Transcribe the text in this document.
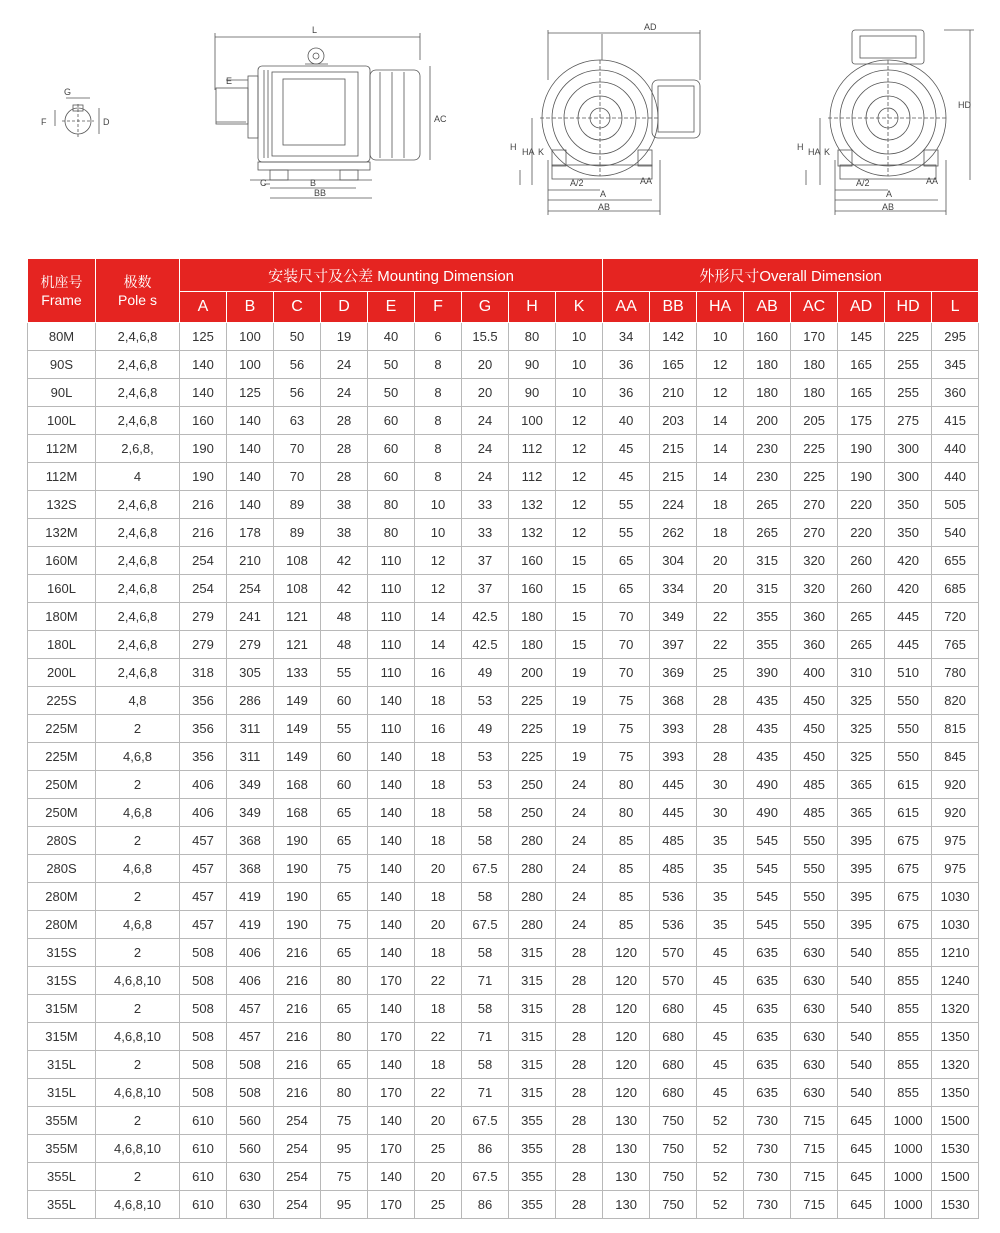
G
F	D
L
E
AC
C	B
BB
AD
H HA K
A/2
A
AB
AA
HD
H HA K
A/2
A
AB
AA
机座号
Frame	极数
Pole s	安装尺寸及公差 Mounting Dimension									外形尺寸Overall Dimension							
		A	B	C	D	E	F	G	H	K	AA	BB	HA	AB	AC	AD	HD	L
80M	2,4,6,8	125	100	50	19	40	6	15.5	80	10	34	142	10	160	170	145	225	295
90S	2,4,6,8	140	100	56	24	50	8	20	90	10	36	165	12	180	180	165	255	345
90L	2,4,6,8	140	125	56	24	50	8	20	90	10	36	210	12	180	180	165	255	360
100L	2,4,6,8	160	140	63	28	60	8	24	100	12	40	203	14	200	205	175	275	415
112M	2,6,8,	190	140	70	28	60	8	24	112	12	45	215	14	230	225	190	300	440
112M	4	190	140	70	28	60	8	24	112	12	45	215	14	230	225	190	300	440
132S	2,4,6,8	216	140	89	38	80	10	33	132	12	55	224	18	265	270	220	350	505
132M	2,4,6,8	216	178	89	38	80	10	33	132	12	55	262	18	265	270	220	350	540
160M	2,4,6,8	254	210	108	42	110	12	37	160	15	65	304	20	315	320	260	420	655
160L	2,4,6,8	254	254	108	42	110	12	37	160	15	65	334	20	315	320	260	420	685
180M	2,4,6,8	279	241	121	48	110	14	42.5	180	15	70	349	22	355	360	265	445	720
180L	2,4,6,8	279	279	121	48	110	14	42.5	180	15	70	397	22	355	360	265	445	765
200L	2,4,6,8	318	305	133	55	110	16	49	200	19	70	369	25	390	400	310	510	780
225S	4,8	356	286	149	60	140	18	53	225	19	75	368	28	435	450	325	550	820
225M	2	356	311	149	55	110	16	49	225	19	75	393	28	435	450	325	550	815
225M	4,6,8	356	311	149	60	140	18	53	225	19	75	393	28	435	450	325	550	845
250M	2	406	349	168	60	140	18	53	250	24	80	445	30	490	485	365	615	920
250M	4,6,8	406	349	168	65	140	18	58	250	24	80	445	30	490	485	365	615	920
280S	2	457	368	190	65	140	18	58	280	24	85	485	35	545	550	395	675	975
280S	4,6,8	457	368	190	75	140	20	67.5	280	24	85	485	35	545	550	395	675	975
280M	2	457	419	190	65	140	18	58	280	24	85	536	35	545	550	395	675	1030
280M	4,6,8	457	419	190	75	140	20	67.5	280	24	85	536	35	545	550	395	675	1030
315S	2	508	406	216	65	140	18	58	315	28	120	570	45	635	630	540	855	1210
315S	4,6,8,10	508	406	216	80	170	22	71	315	28	120	570	45	635	630	540	855	1240
315M	2	508	457	216	65	140	18	58	315	28	120	680	45	635	630	540	855	1320
315M	4,6,8,10	508	457	216	80	170	22	71	315	28	120	680	45	635	630	540	855	1350
315L	2	508	508	216	65	140	18	58	315	28	120	680	45	635	630	540	855	1320
315L	4,6,8,10	508	508	216	80	170	22	71	315	28	120	680	45	635	630	540	855	1350
355M	2	610	560	254	75	140	20	67.5	355	28	130	750	52	730	715	645	1000	1500
355M	4,6,8,10	610	560	254	95	170	25	86	355	28	130	750	52	730	715	645	1000	1530
355L	2	610	630	254	75	140	20	67.5	355	28	130	750	52	730	715	645	1000	1500
355L	4,6,8,10	610	630	254	95	170	25	86	355	28	130	750	52	730	715	645	1000	1530
